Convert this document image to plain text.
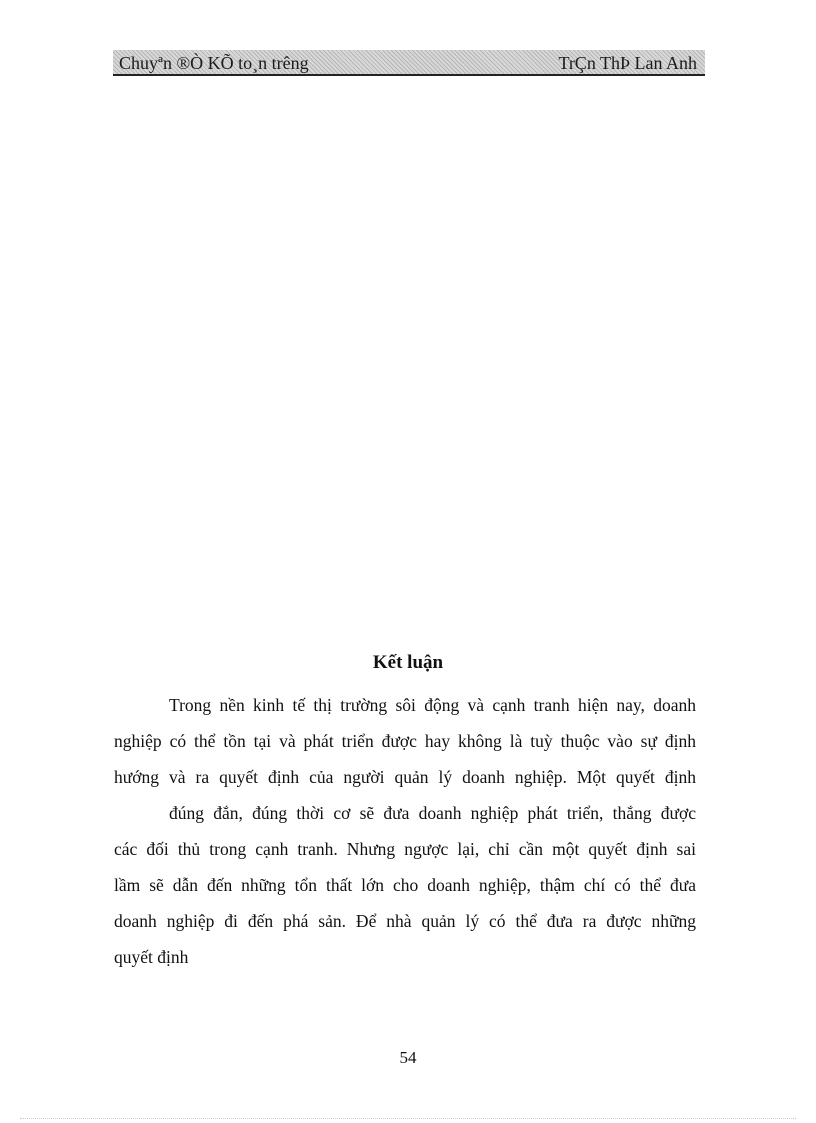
Chuyªn ®Ò KÕ to¸n trêng	TrÇn ThÞ Lan Anh
Kết luận
Trong nền kinh tế thị trường sôi động và cạnh tranh hiện nay, doanh
nghiệp có thể tồn tại và phát triển được hay không là tuỳ thuộc vào sự định
hướng và ra quyết định của người quản lý doanh nghiệp. Một quyết định
đúng đắn, đúng thời cơ sẽ đưa doanh nghiệp phát triển, thắng được
các đối thủ trong cạnh tranh. Nhưng ngược lại, chỉ cần một quyết định sai
lầm sẽ dẫn đến những tổn thất lớn cho doanh nghiệp, thậm chí có thể đưa
doanh nghiệp đi đến phá sản. Để nhà quản lý có thể đưa ra được những
quyết định
54
